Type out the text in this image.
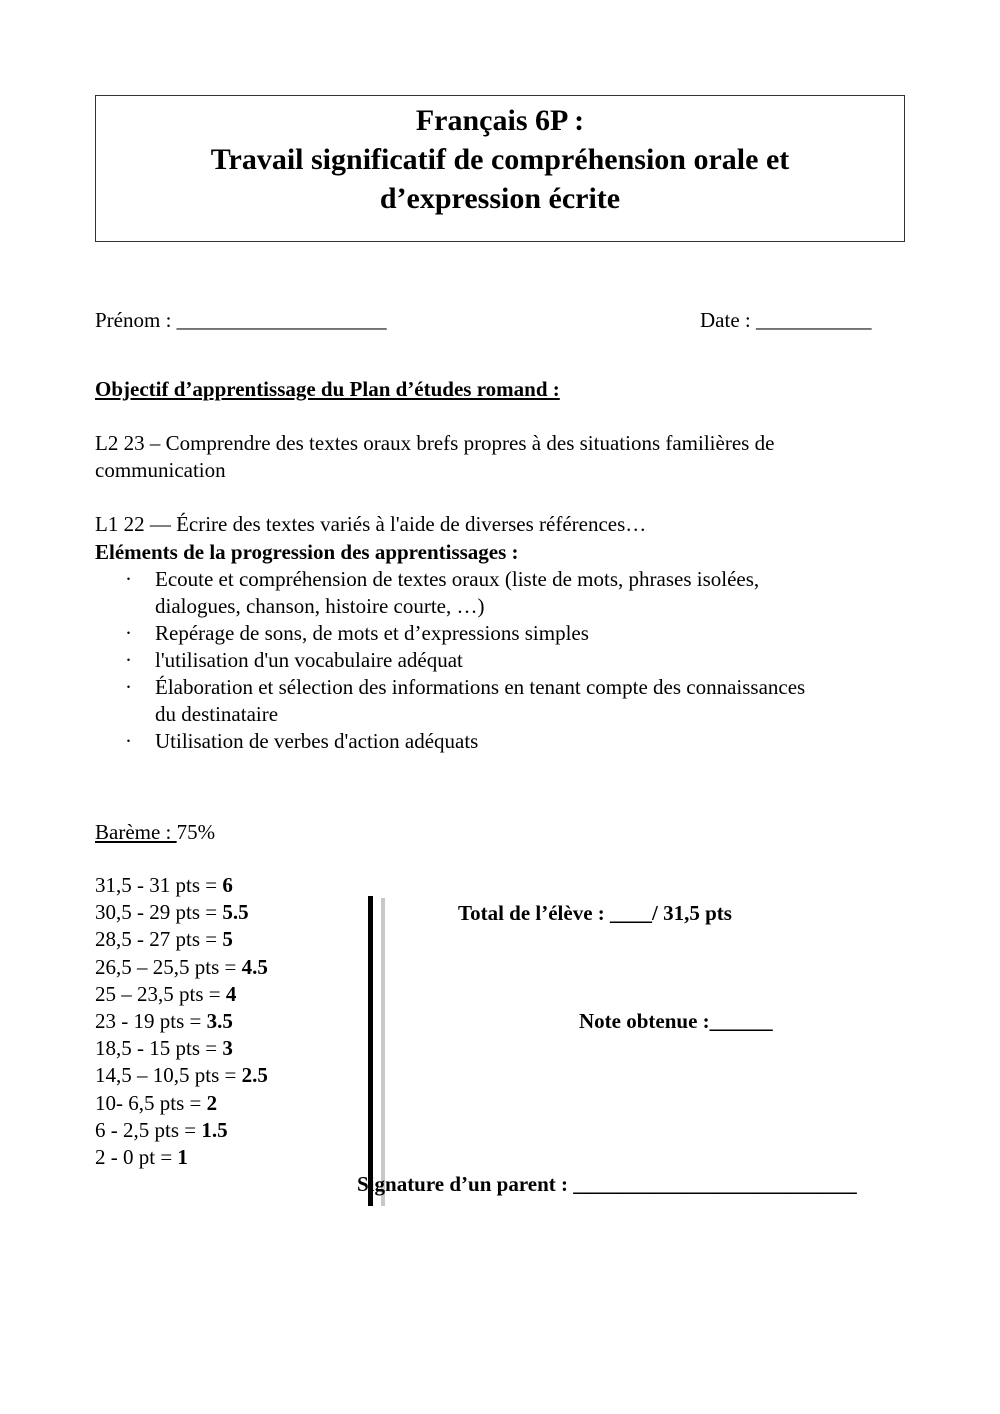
Français 6P :
Travail significatif de compréhension orale et
d’expression écrite
Prénom : ____________________	Date : ___________
Objectif d’apprentissage du Plan d’études romand :
L2 23 – Comprendre des textes oraux brefs propres à des situations familières de
communication
L1 22 — Écrire des textes variés à l'aide de diverses références…
Eléments de la progression des apprentissages :
· Ecoute et compréhension de textes oraux (liste de mots, phrases isolées,
dialogues, chanson, histoire courte, …)
· Repérage de sons, de mots et d’expressions simples
· l'utilisation d'un vocabulaire adéquat
· Élaboration et sélection des informations en tenant compte des connaissances
du destinataire
· Utilisation de verbes d'action adéquats
Barème : 75%
31,5 - 31 pts = 6
30,5 - 29 pts = 5.5
28,5 - 27 pts = 5
26,5 – 25,5 pts = 4.5
25 – 23,5 pts = 4
23 - 19 pts = 3.5
18,5 - 15 pts = 3
14,5 – 10,5 pts = 2.5
10- 6,5 pts = 2
6 - 2,5 pts = 1.5
2 - 0 pt = 1
Total de l’élève : ____/ 31,5 pts
Note obtenue :______
Signature d’un parent : ___________________________
